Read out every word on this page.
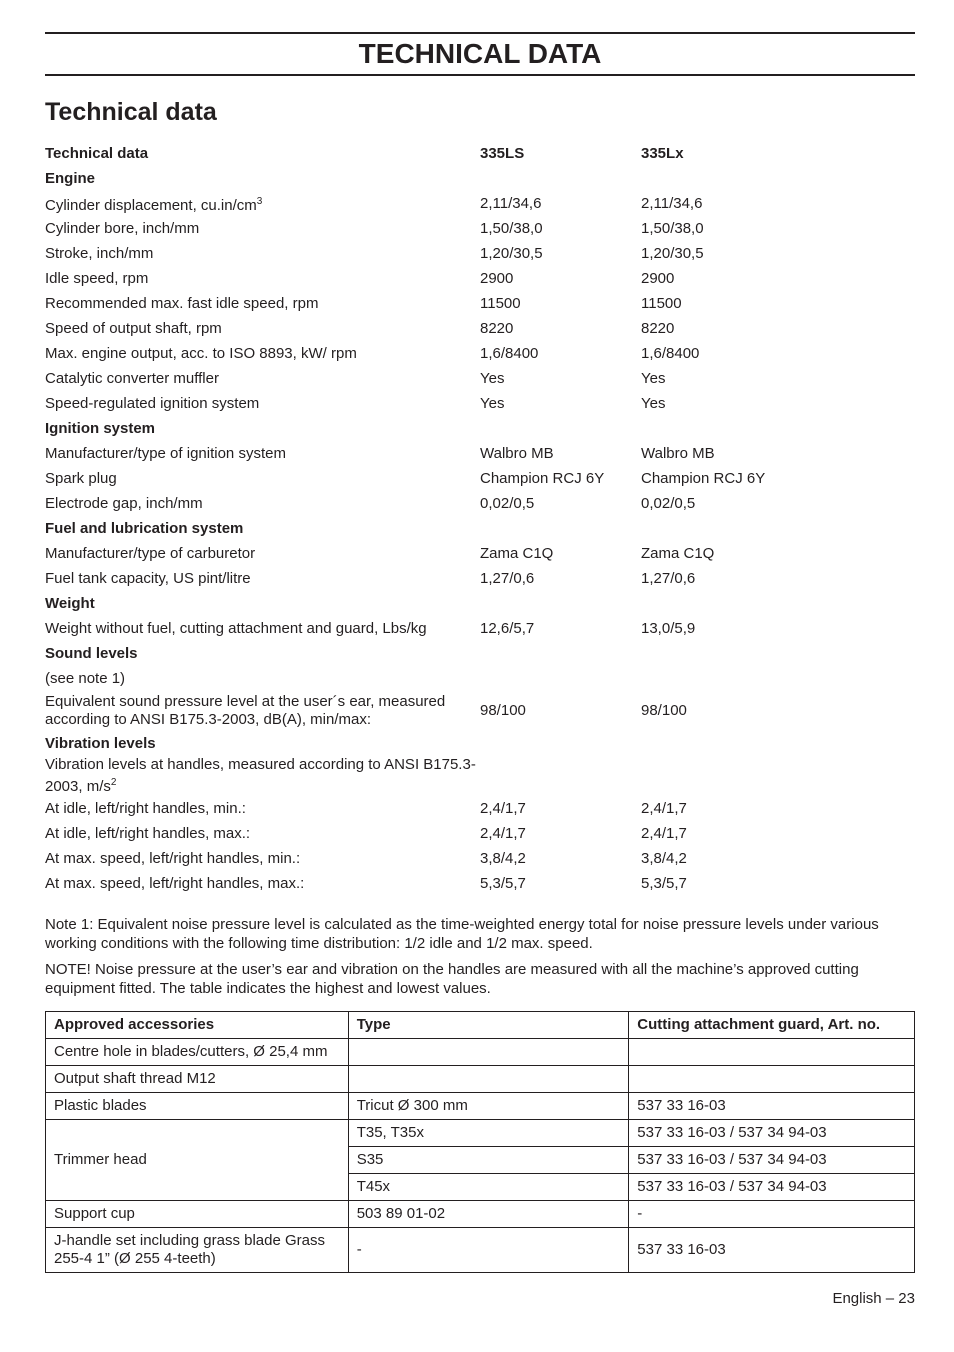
TECHNICAL DATA
Technical data
Technical data	335LS	335Lx
Engine		
Cylinder displacement, $cu.in/cm^3$	2,11/34,6	2,11/34,6
Cylinder bore, inch/mm	1,50/38,0	1,50/38,0
Stroke, inch/mm	1,20/30,5	1,20/30,5
Idle speed, rpm	2900	2900
Recommended max. fast idle speed, rpm	11500	11500
Speed of output shaft, rpm	8220	8220
Max. engine output, acc. to ISO 8893, kW/ rpm	1,6/8400	1,6/8400
Catalytic converter muffler	Yes	Yes
Speed-regulated ignition system	Yes	Yes
Ignition system		
Manufacturer/type of ignition system	Walbro MB	Walbro MB
Spark plug	Champion RCJ 6Y	Champion RCJ 6Y
Electrode gap, inch/mm	0,02/0,5	0,02/0,5
Fuel and lubrication system		
Manufacturer/type of carburetor	Zama C1Q	Zama C1Q
Fuel tank capacity, US pint/litre	1,27/0,6	1,27/0,6
Weight		
Weight without fuel, cutting attachment and guard, Lbs/kg	12,6/5,7	13,0/5,9
Sound levels		
(see note 1)		
Equivalent sound pressure level at the user´s ear, measured according to ANSI B175.3-2003, dB(A), min/max:	98/100	98/100
Vibration levels		
Vibration levels at handles, measured according to ANSI B175.3-2003, $m/s^2$		
At idle, left/right handles, min.:	2,4/1,7	2,4/1,7
At idle, left/right handles, max.:	2,4/1,7	2,4/1,7
At max. speed, left/right handles, min.:	3,8/4,2	3,8/4,2
At max. speed, left/right handles, max.:	5,3/5,7	5,3/5,7

Note 1: Equivalent noise pressure level is calculated as the time-weighted energy total for noise pressure levels under various working conditions with the following time distribution: 1/2 idle and 1/2 max. speed.

NOTE! Noise pressure at the user’s ear and vibration on the handles are measured with all the machine’s approved cutting equipment fitted. The table indicates the highest and lowest values.

Approved accessories	Type	Cutting attachment guard, Art. no.
Centre hole in blades/cutters, Ø 25,4 mm		
Output shaft thread M12		
Plastic blades	Tricut Ø 300 mm	537 33 16-03
Trimmer head	T35, T35x	537 33 16-03 / 537 34 94-03
	S35	537 33 16-03 / 537 34 94-03
	T45x	537 33 16-03 / 537 34 94-03
Support cup	503 89 01-02	-
J-handle set including grass blade Grass 255-4 1” (Ø 255 4-teeth)	-	537 33 16-03
English – 23
